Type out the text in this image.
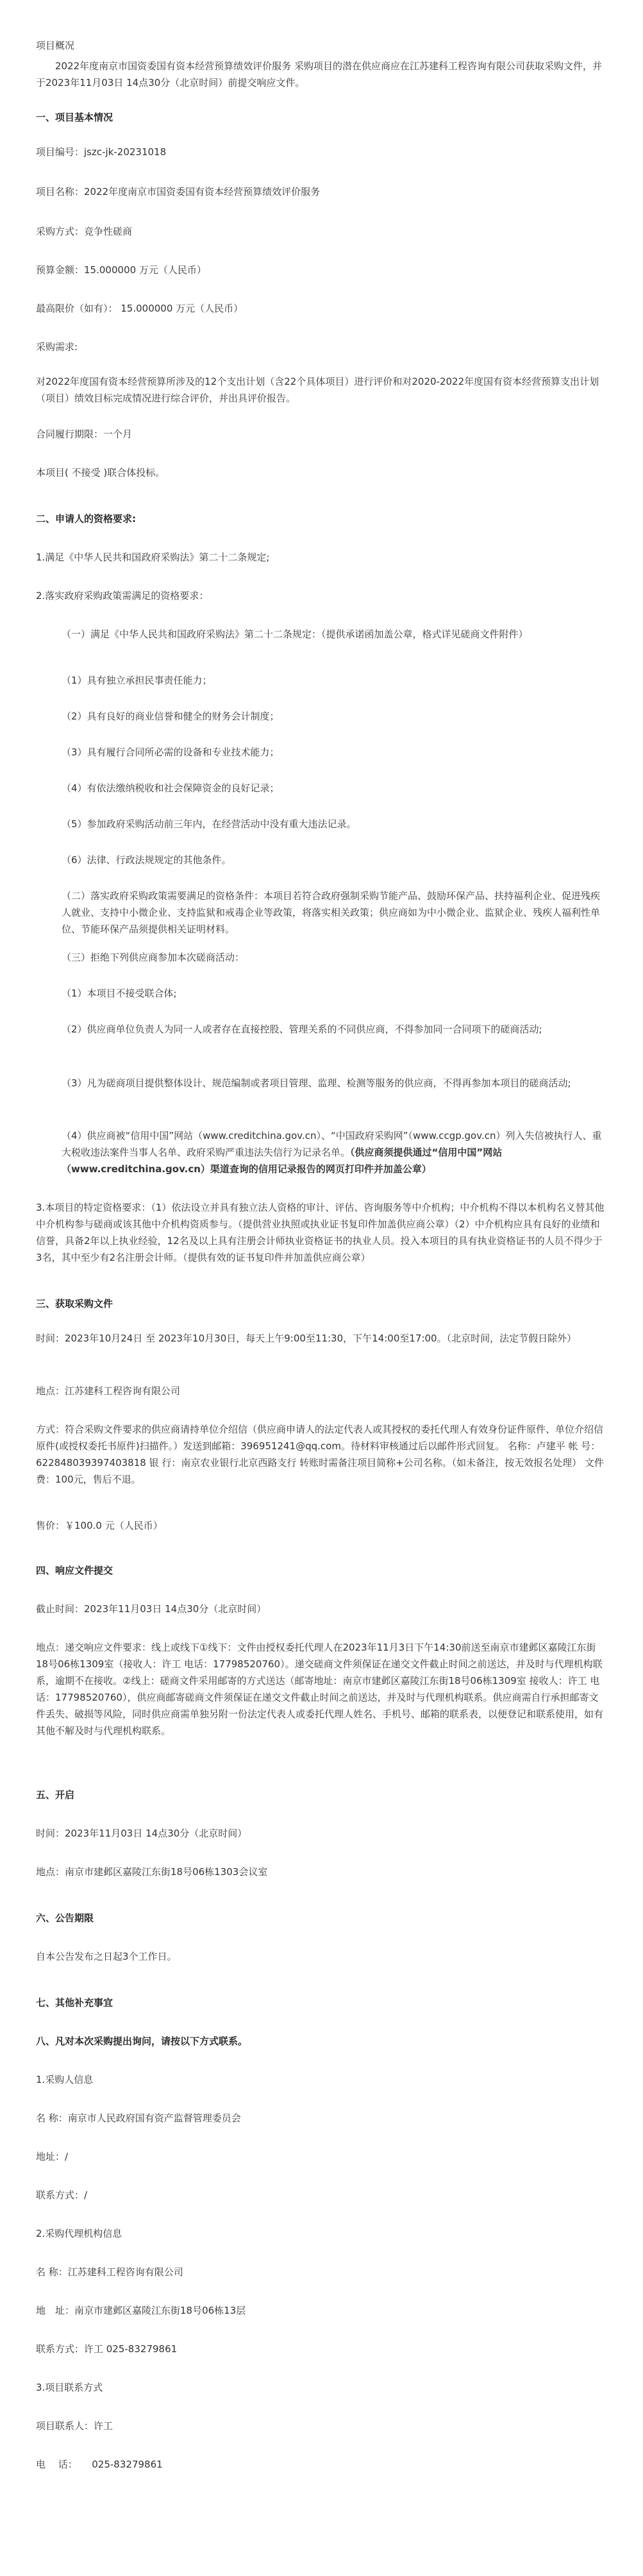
项目概况

2022年度南京市国资委国有资本经营预算绩效评价服务 采购项目的潜在供应商应在江苏建科工程咨询有限公司获取采购文件，并于2023年11月03日 14点30分（北京时间）前提交响应文件。

一、项目基本情况

项目编号：jszc-jk-20231018

项目名称：2022年度南京市国资委国有资本经营预算绩效评价服务

采购方式：竞争性磋商

预算金额：15.000000 万元（人民币）

最高限价（如有）： 15.000000 万元（人民币）

采购需求:

对2022年度国有资本经营预算所涉及的12个支出计划（含22个具体项目）进行评价和对2020-2022年度国有资本经营预算支出计划（项目）绩效目标完成情况进行综合评价，并出具评价报告。

合同履行期限：一个月

本项目( 不接受 )联合体投标。

二、申请人的资格要求:

1.满足《中华人民共和国政府采购法》第二十二条规定;

2.落实政府采购政策需满足的资格要求：

（一）满足《中华人民共和国政府采购法》第二十二条规定：（提供承诺函加盖公章，格式详见磋商文件附件）

（1）具有独立承担民事责任能力；

（2）具有良好的商业信誉和健全的财务会计制度；

（3）具有履行合同所必需的设备和专业技术能力；

（4）有依法缴纳税收和社会保障资金的良好记录；

（5）参加政府采购活动前三年内，在经营活动中没有重大违法记录。

（6）法律、行政法规规定的其他条件。

（二）落实政府采购政策需要满足的资格条件：本项目若符合政府强制采购节能产品、鼓励环保产品、扶持福利企业、促进残疾人就业、支持中小微企业、支持监狱和戒毒企业等政策，将落实相关政策；供应商如为中小微企业、监狱企业、残疾人福利性单位、节能环保产品须提供相关证明材料。

（三）拒绝下列供应商参加本次磋商活动：

（1）本项目不接受联合体;

（2）供应商单位负责人为同一人或者存在直接控股、管理关系的不同供应商，不得参加同一合同项下的磋商活动;

（3）凡为磋商项目提供整体设计、规范编制或者项目管理、监理、检测等服务的供应商，不得再参加本项目的磋商活动;

（4）供应商被“信用中国”网站（www.creditchina.gov.cn）、“中国政府采购网”（www.ccgp.gov.cn）列入失信被执行人、重大税收违法案件当事人名单、政府采购严重违法失信行为记录名单。（供应商须提供通过“信用中国”网站（www.creditchina.gov.cn）渠道查询的信用记录报告的网页打印件并加盖公章）

3.本项目的特定资格要求：（1）依法设立并具有独立法人资格的审计、评估、咨询服务等中介机构；中介机构不得以本机构名义替其他中介机构参与磋商或该其他中介机构资质参与。（提供营业执照或执业证书复印件加盖供应商公章）（2）中介机构应具有良好的业绩和信誉，具备2年以上执业经验，12名及以上具有注册会计师执业资格证书的执业人员。投入本项目的具有执业资格证书的人员不得少于3名，其中至少有2名注册会计师。（提供有效的证书复印件并加盖供应商公章）

三、获取采购文件

时间：2023年10月24日 至 2023年10月30日，每天上午9:00至11:30，下午14:00至17:00。（北京时间，法定节假日除外）

地点：江苏建科工程咨询有限公司

方式：符合采购文件要求的供应商请持单位介绍信（供应商申请人的法定代表人或其授权的委托代理人有效身份证件原件、单位介绍信原件(或授权委托书原件)扫描件。）发送到邮箱：396951241@qq.com。待材料审核通过后以邮件形式回复。 名称：卢建平 帐 号：622848039397403818 银 行：南京农业银行北京西路支行 转账时需备注项目简称+公司名称。（如未备注，按无效报名处理） 文件费：100元，售后不退。

售价：￥100.0 元（人民币）

四、响应文件提交

截止时间：2023年11月03日 14点30分（北京时间）

地点：递交响应文件要求：线上或线下①线下：文件由授权委托代理人在2023年11月3日下午14:30前送至南京市建邺区嘉陵江东街18号06栋1309室（接收人：许工 电话：17798520760）。递交磋商文件须保证在递交文件截止时间之前送达，并及时与代理机构联系，逾期不在接收。②线上：磋商文件采用邮寄的方式送达（邮寄地址：南京市建邺区嘉陵江东街18号06栋1309室 接收人：许工 电话：17798520760），供应商邮寄磋商文件须保证在递交文件截止时间之前送达，并及时与代理机构联系。供应商需自行承担邮寄文件丢失、破损等风险，同时供应商需单独另附一份法定代表人或委托代理人姓名、手机号、邮箱的联系表，以便登记和联系使用，如有其他不解及时与代理机构联系。

五、开启

时间：2023年11月03日 14点30分（北京时间）

地点：南京市建邺区嘉陵江东街18号06栋1303会议室

六、公告期限

自本公告发布之日起3个工作日。

七、其他补充事宜

八、凡对本次采购提出询问，请按以下方式联系。

1.采购人信息

名 称：南京市人民政府国有资产监督管理委员会

地址：/

联系方式：/

2.采购代理机构信息

名 称：江苏建科工程咨询有限公司

地　址：南京市建邺区嘉陵江东街18号06栋13层

联系方式：许工 025-83279861

3.项目联系方式

项目联系人：许工

电　 话：　　025-83279861
